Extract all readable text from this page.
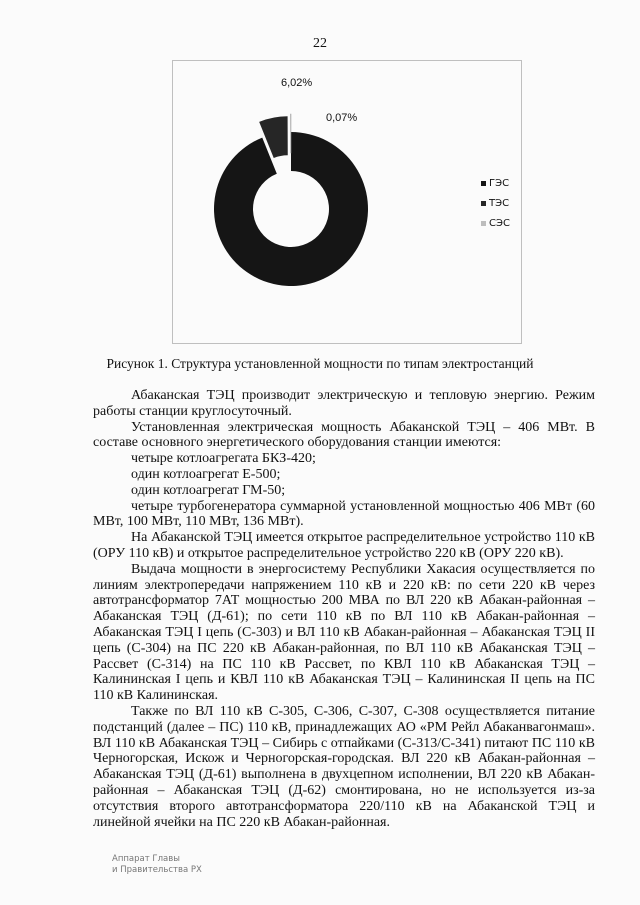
22
6,02%
0,07%
ГЭС
ТЭС
СЭС
Рисунок 1. Структура установленной мощности по типам электростанций

Абаканская ТЭЦ производит электрическую и тепловую энергию. Режим работы станции круглосуточный.

Установленная электрическая мощность Абаканской ТЭЦ – 406 МВт. В составе основного энергетического оборудования станции имеются:

четыре котлоагрегата БКЗ-420;

один котлоагрегат Е-500;

один котлоагрегат ГМ-50;

четыре турбогенератора суммарной установленной мощностью 406 МВт (60 МВт, 100 МВт, 110 МВт, 136 МВт).

На Абаканской ТЭЦ имеется открытое распределительное устройство 110 кВ (ОРУ 110 кВ) и открытое распределительное устройство 220 кВ (ОРУ 220 кВ).

Выдача мощности в энергосистему Республики Хакасия осуществляется по линиям электропередачи напряжением 110 кВ и 220 кВ: по сети 220 кВ через автотрансформатор 7АТ мощностью 200 МВА по ВЛ 220 кВ Абакан-районная – Абаканская ТЭЦ (Д-61); по сети 110 кВ по ВЛ 110 кВ Абакан-районная – Абаканская ТЭЦ I цепь (С-303) и ВЛ 110 кВ Абакан-районная – Абаканская ТЭЦ II цепь (С-304) на ПС 220 кВ Абакан-районная, по ВЛ 110 кВ Абаканская ТЭЦ – Рассвет (С-314) на ПС 110 кВ Рассвет, по КВЛ 110 кВ Абаканская ТЭЦ – Калининская I цепь и КВЛ 110 кВ Абаканская ТЭЦ – Калининская II цепь на ПС 110 кВ Калининская.

Также по ВЛ 110 кВ С-305, С-306, С-307, С-308 осуществляется питание подстанций (далее – ПС) 110 кВ, принадлежащих АО «РМ Рейл Абаканвагонмаш». ВЛ 110 кВ Абаканская ТЭЦ – Сибирь с отпайками (С-313/С-341) питают ПС 110 кВ Черногорская, Искож и Черногорская-городская. ВЛ 220 кВ Абакан-районная – Абаканская ТЭЦ (Д-61) выполнена в двухцепном исполнении, ВЛ 220 кВ Абакан-районная – Абаканская ТЭЦ (Д-62) смонтирована, но не используется из-за отсутствия второго автотрансформатора 220/110 кВ на Абаканской ТЭЦ и линейной ячейки на ПС 220 кВ Абакан-районная.

Аппарат Главы
и Правительства РХ
